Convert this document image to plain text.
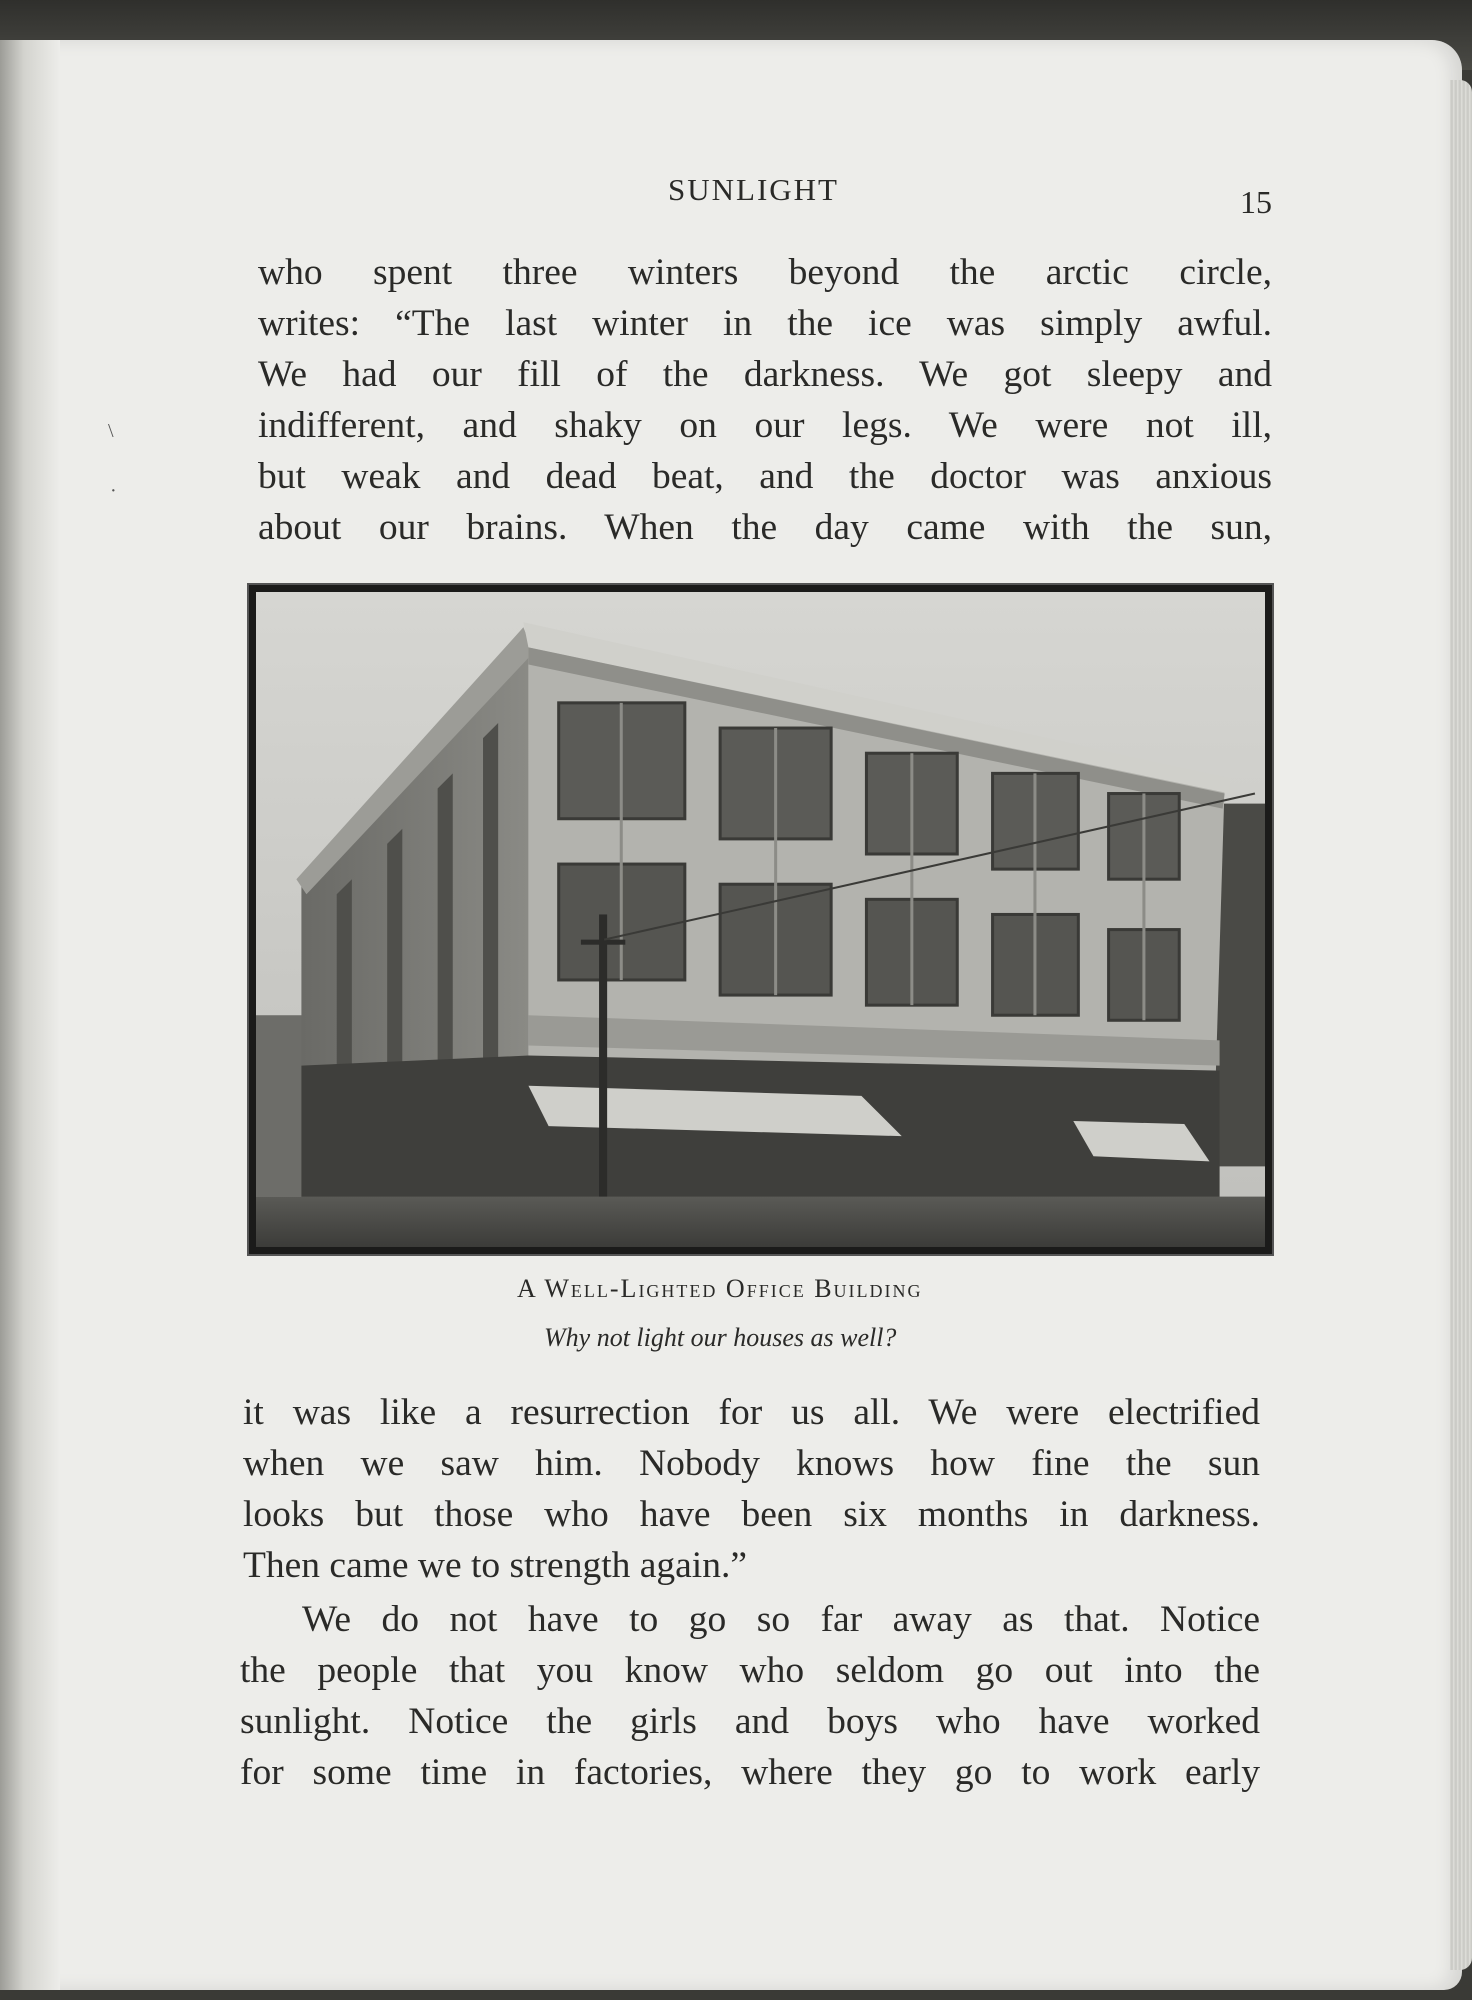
\
·
SUNLIGHT	15
who spent three winters beyond the arctic circle,
writes: “The last winter in the ice was simply awful.
We had our fill of the darkness. We got sleepy and
indifferent, and shaky on our legs. We were not ill,
but weak and dead beat, and the doctor was anxious
about our brains. When the day came with the sun,
A Well-Lighted Office Building
Why not light our houses as well?
it was like a resurrection for us all. We were electrified
when we saw him. Nobody knows how fine the sun
looks but those who have been six months in darkness.
Then came we to strength again.”
We do not have to go so far away as that. Notice
the people that you know who seldom go out into the
sunlight. Notice the girls and boys who have worked
for some time in factories, where they go to work early
